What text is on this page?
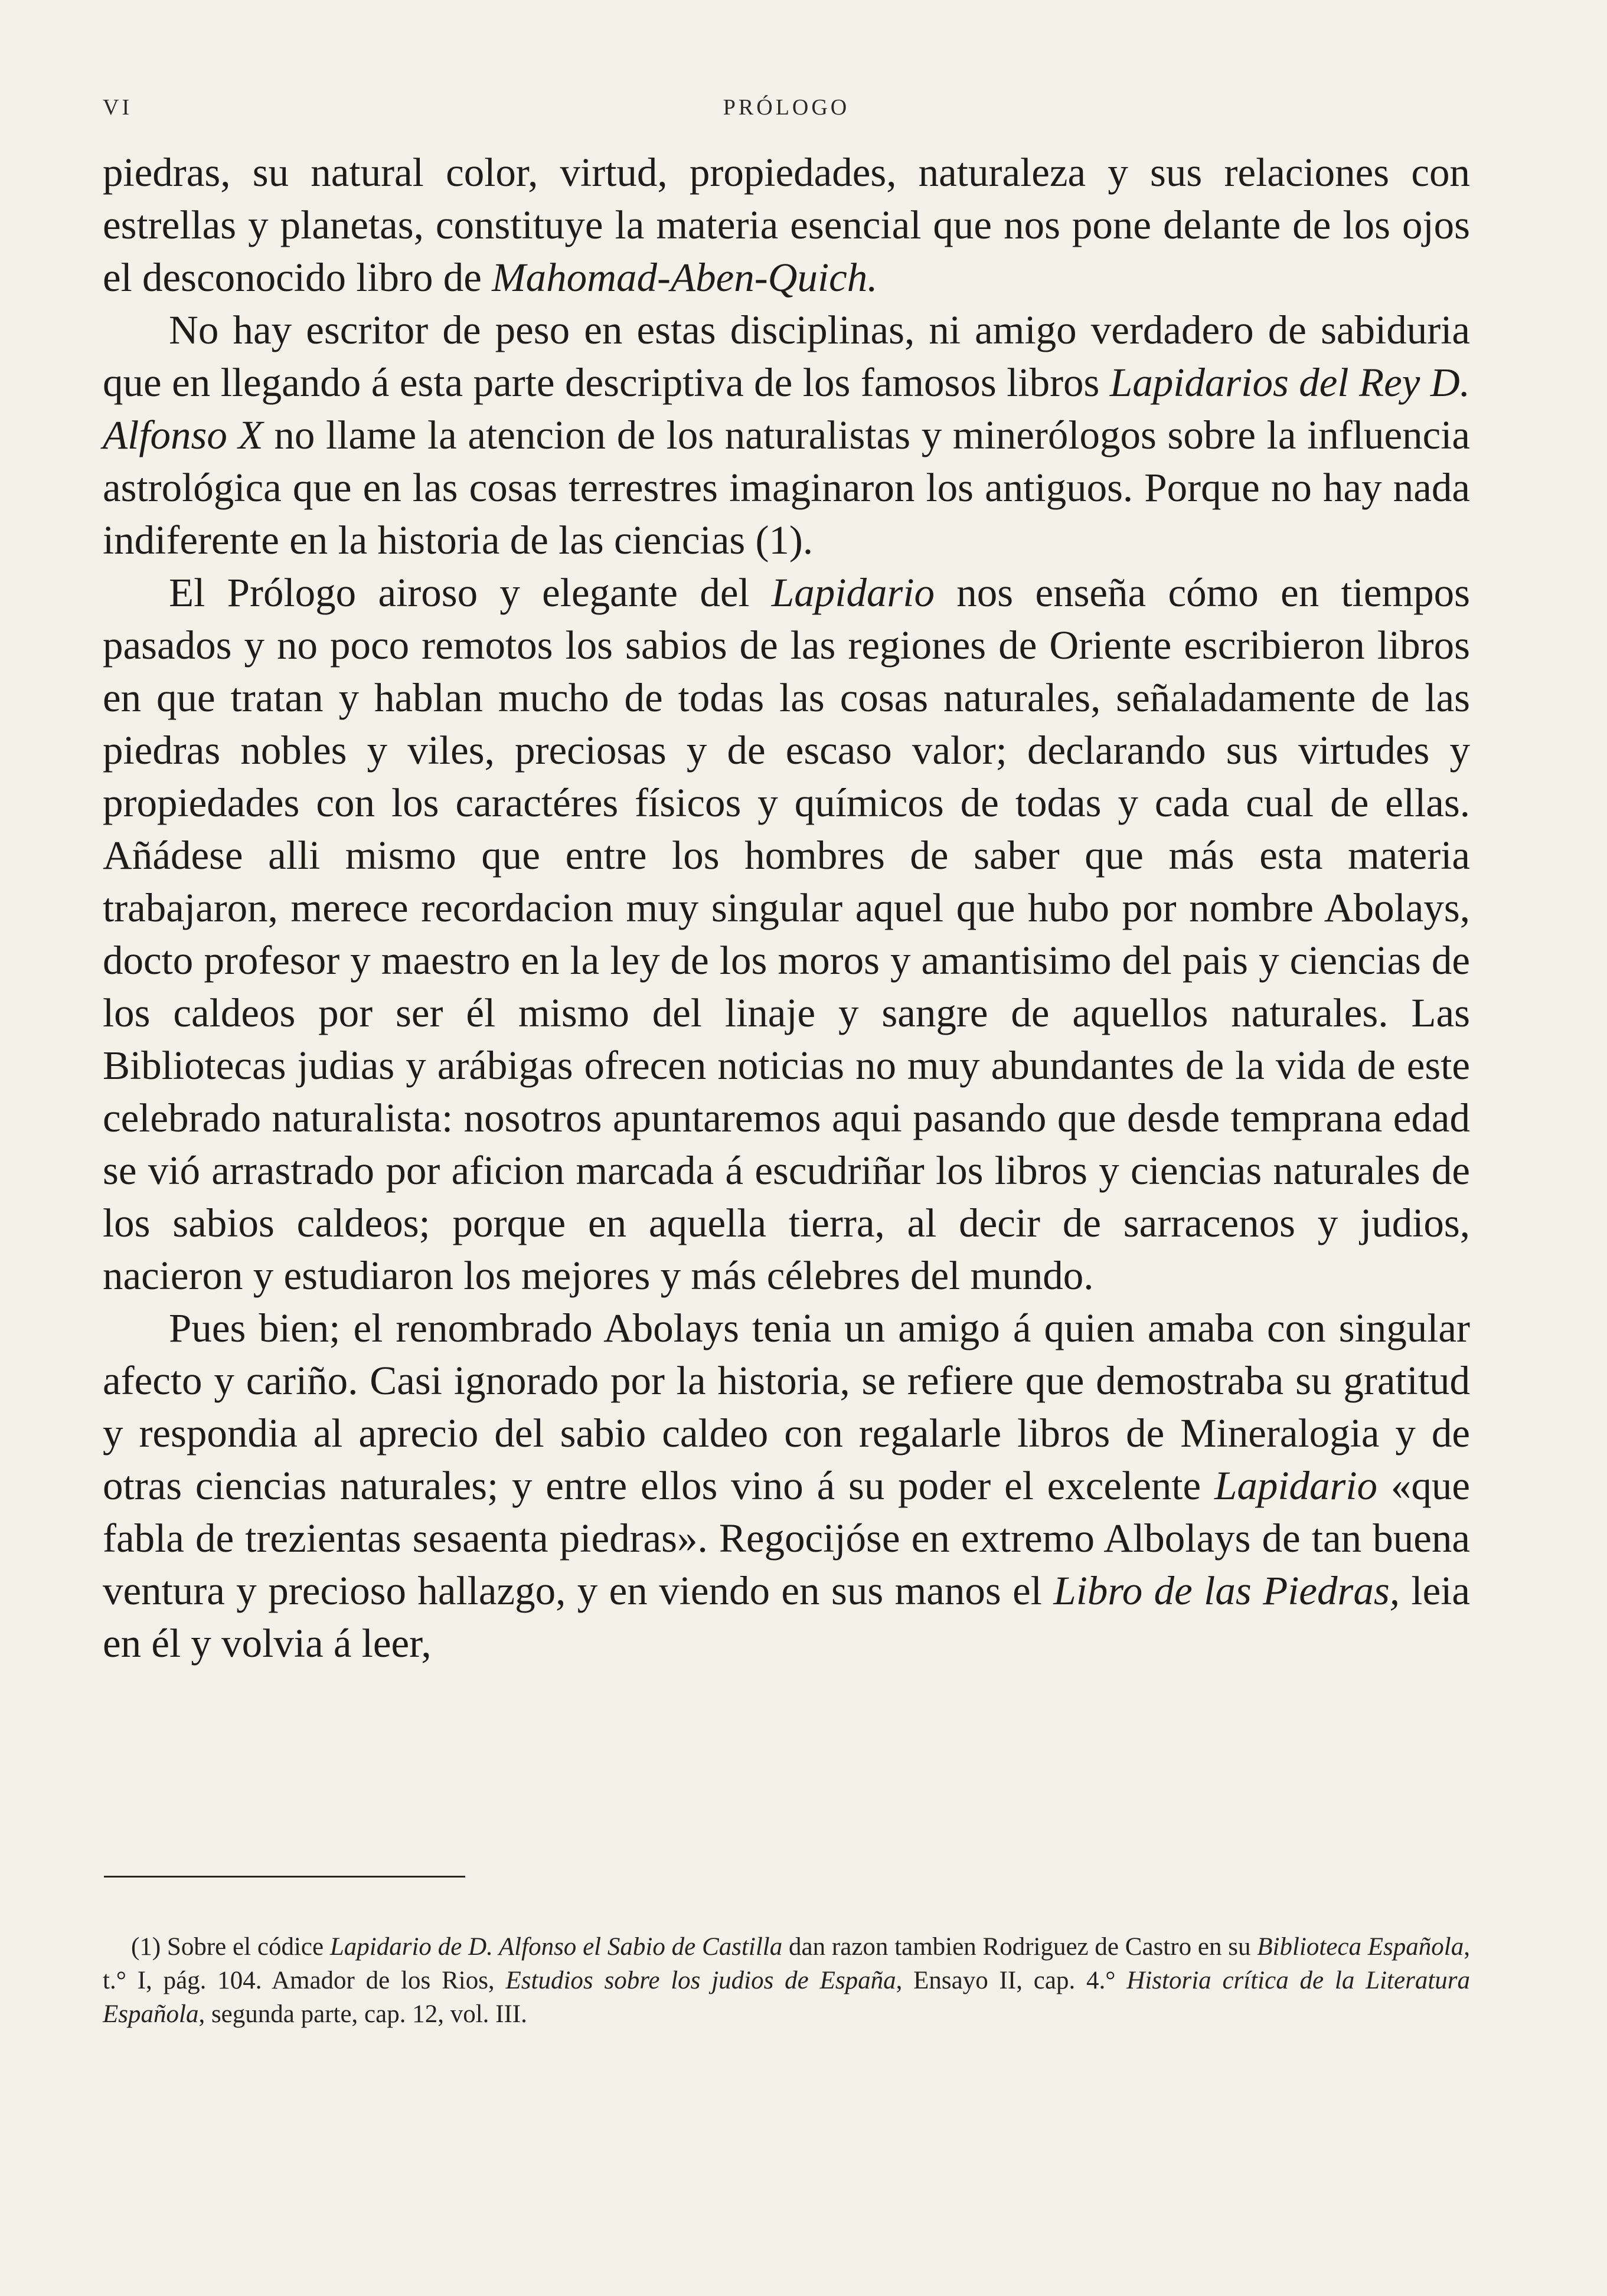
VI	PRÓLOGO

piedras, su natural color, virtud, propiedades, naturaleza y sus relaciones con estrellas y planetas, constituye la materia esencial que nos pone delante de los ojos el desconocido libro de Mahomad-Aben-Quich.

No hay escritor de peso en estas disciplinas, ni amigo verdadero de sabiduria que en llegando á esta parte descriptiva de los famosos libros Lapidarios del Rey D. Alfonso X no llame la atencion de los naturalistas y minerólogos sobre la influencia astrológica que en las cosas terrestres imaginaron los antiguos. Porque no hay nada indiferente en la historia de las ciencias (1).

El Prólogo airoso y elegante del Lapidario nos enseña cómo en tiempos pasados y no poco remotos los sabios de las regiones de Oriente escribieron libros en que tratan y hablan mucho de todas las cosas naturales, señaladamente de las piedras nobles y viles, preciosas y de escaso valor; declarando sus virtudes y propiedades con los caractéres físicos y químicos de todas y cada cual de ellas. Añádese alli mismo que entre los hombres de saber que más esta materia trabajaron, merece recordacion muy singular aquel que hubo por nombre Abolays, docto profesor y maestro en la ley de los moros y amantisimo del pais y ciencias de los caldeos por ser él mismo del linaje y sangre de aquellos naturales. Las Bibliotecas judias y arábigas ofrecen noticias no muy abundantes de la vida de este celebrado naturalista: nosotros apuntaremos aqui pasando que desde temprana edad se vió arrastrado por aficion marcada á escudriñar los libros y ciencias naturales de los sabios caldeos; porque en aquella tierra, al decir de sarracenos y judios, nacieron y estudiaron los mejores y más célebres del mundo.

Pues bien; el renombrado Abolays tenia un amigo á quien amaba con singular afecto y cariño. Casi ignorado por la historia, se refiere que demostraba su gratitud y respondia al aprecio del sabio caldeo con regalarle libros de Mineralogia y de otras ciencias naturales; y entre ellos vino á su poder el excelente Lapidario «que fabla de trezientas sesaenta piedras». Regocijóse en extremo Albolays de tan buena ventura y precioso hallazgo, y en viendo en sus manos el Libro de las Piedras, leia en él y volvia á leer,

(1) Sobre el códice Lapidario de D. Alfonso el Sabio de Castilla dan razon tambien Rodriguez de Castro en su Biblioteca Española, t.° I, pág. 104. Amador de los Rios, Estudios sobre los judios de España, Ensayo II, cap. 4.° Historia crítica de la Literatura Española, segunda parte, cap. 12, vol. III.
